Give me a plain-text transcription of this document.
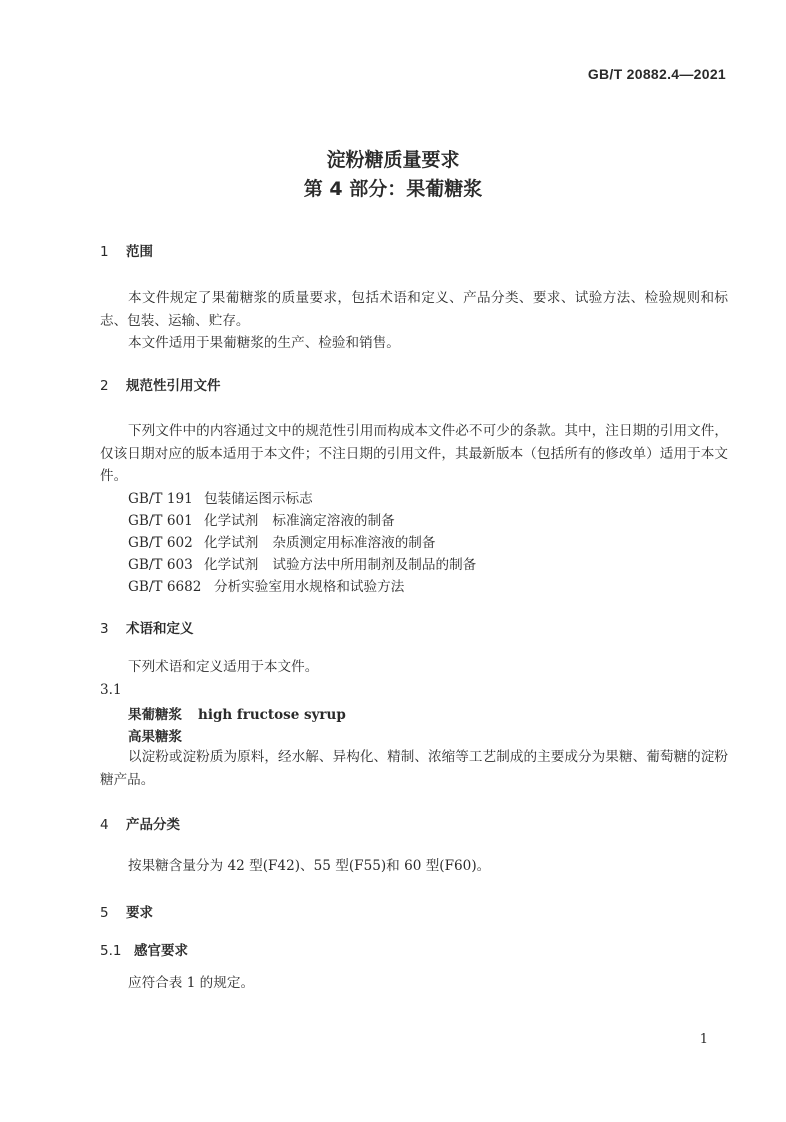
GB/T 20882.4—2021
淀粉糖质量要求
第 4 部分：果葡糖浆
1 范围
本文件规定了果葡糖浆的质量要求，包括术语和定义、产品分类、要求、试验方法、检验规则和标志、包装、运输、贮存。
本文件适用于果葡糖浆的生产、检验和销售。
2 规范性引用文件
下列文件中的内容通过文中的规范性引用而构成本文件必不可少的条款。其中，注日期的引用文件，仅该日期对应的版本适用于本文件；不注日期的引用文件，其最新版本（包括所有的修改单）适用于本文件。
GB/T 191 包装储运图示标志
GB/T 601 化学试剂 标准滴定溶液的制备
GB/T 602 化学试剂 杂质测定用标准溶液的制备
GB/T 603 化学试剂 试验方法中所用制剂及制品的制备
GB/T 6682 分析实验室用水规格和试验方法
3 术语和定义
下列术语和定义适用于本文件。
3.1
果葡糖浆 high fructose syrup
高果糖浆
以淀粉或淀粉质为原料，经水解、异构化、精制、浓缩等工艺制成的主要成分为果糖、葡萄糖的淀粉糖产品。
4 产品分类
按果糖含量分为 42 型(F42)、55 型(F55)和 60 型(F60)。
5 要求
5.1 感官要求
应符合表 1 的规定。
1
